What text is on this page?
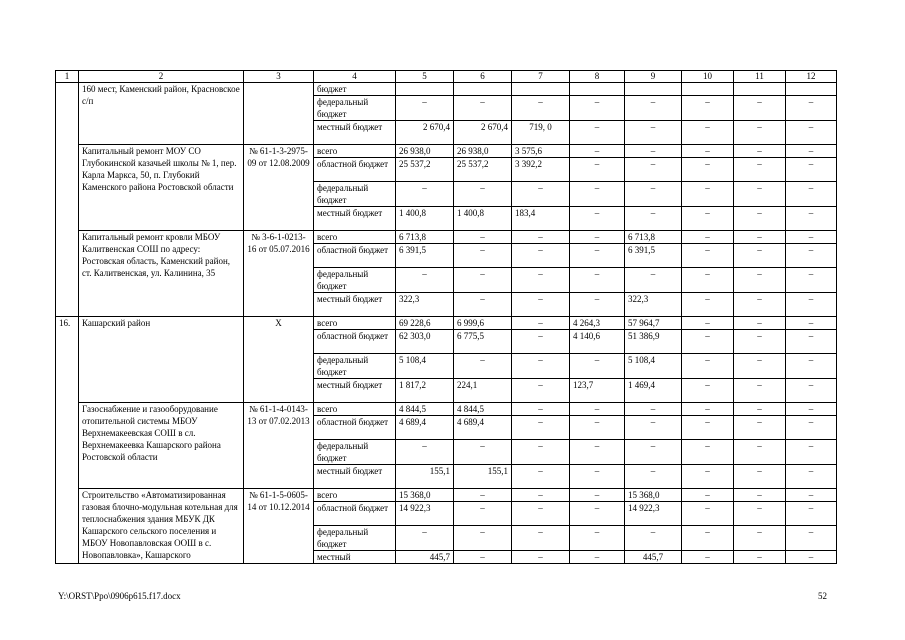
1	2	3	4	5	6	7	8	9	10	11	12
	160 мест, Каменский район, Красновское с/п		бюджет								
			федеральный бюджет	–	–	–	–	–	–	–	–
			местный бюджет	2 670,4	2 670,4	719, 0	–	–	–	–	–
	Капитальный ремонт МОУ СО Глубокинской казачьей школы № 1, пер. Карла Маркса, 50, п. Глубокий Каменского района Ростовской области	№ 61-1-3-2975-09 от 12.08.2009	всего	26 938,0	26 938,0	3 575,6	–	–	–	–	–
			областной бюджет	25 537,2	25 537,2	3 392,2	–	–	–	–	–
			федеральный бюджет	–	–	–	–	–	–	–	–
			местный бюджет	1 400,8	1 400,8	183,4	–	–	–	–	–
	Капитальный ремонт кровли МБОУ Калитвенская СОШ по адресу: Ростовская область, Каменский район, ст. Калитвенская, ул. Калинина, 35	№ 3-6-1-0213-16 от 05.07.2016	всего	6 713,8	–	–	–	6 713,8	–	–	–
			областной бюджет	6 391,5	–	–	–	6 391,5	–	–	–
			федеральный бюджет	–	–	–	–	–	–	–	–
			местный бюджет	322,3	–	–	–	322,3	–	–	–
16.	Кашарский район	Х	всего	69 228,6	6 999,6	–	4 264,3	57 964,7	–	–	–
			областной бюджет	62 303,0	6 775,5	–	4 140,6	51 386,9	–	–	–
			федеральный бюджет	5 108,4	–	–	–	5 108,4	–	–	–
			местный бюджет	1 817,2	224,1	–	123,7	1 469,4	–	–	–
	Газоснабжение и газооборудование отопительной системы МБОУ Верхнемакеевская СОШ в сл. Верхнемакеевка Кашарского района Ростовской области	№ 61-1-4-0143-13 от 07.02.2013	всего	4 844,5	4 844,5	–	–	–	–	–	–
			областной бюджет	4 689,4	4 689,4	–	–	–	–	–	–
			федеральный бюджет	–	–	–	–	–	–	–	–
			местный бюджет	155,1	155,1	–	–	–	–	–	–
	Строительство «Автоматизированная газовая блочно-модульная котельная для теплоснабжения здания МБУК ДК Кашарского сельского поселения и МБОУ Новопавловская ООШ в с. Новопавловка», Кашарского	№ 61-1-5-0605-14 от 10.12.2014	всего	15 368,0	–	–	–	15 368,0	–	–	–
			областной бюджет	14 922,3	–	–	–	14 922,3	–	–	–
			федеральный бюджет	–	–	–	–	–	–	–	–
			местный	445,7	–	–	–	445,7	–	–	–
Y:\ORST\Ppo\0906p615.f17.docx	52
